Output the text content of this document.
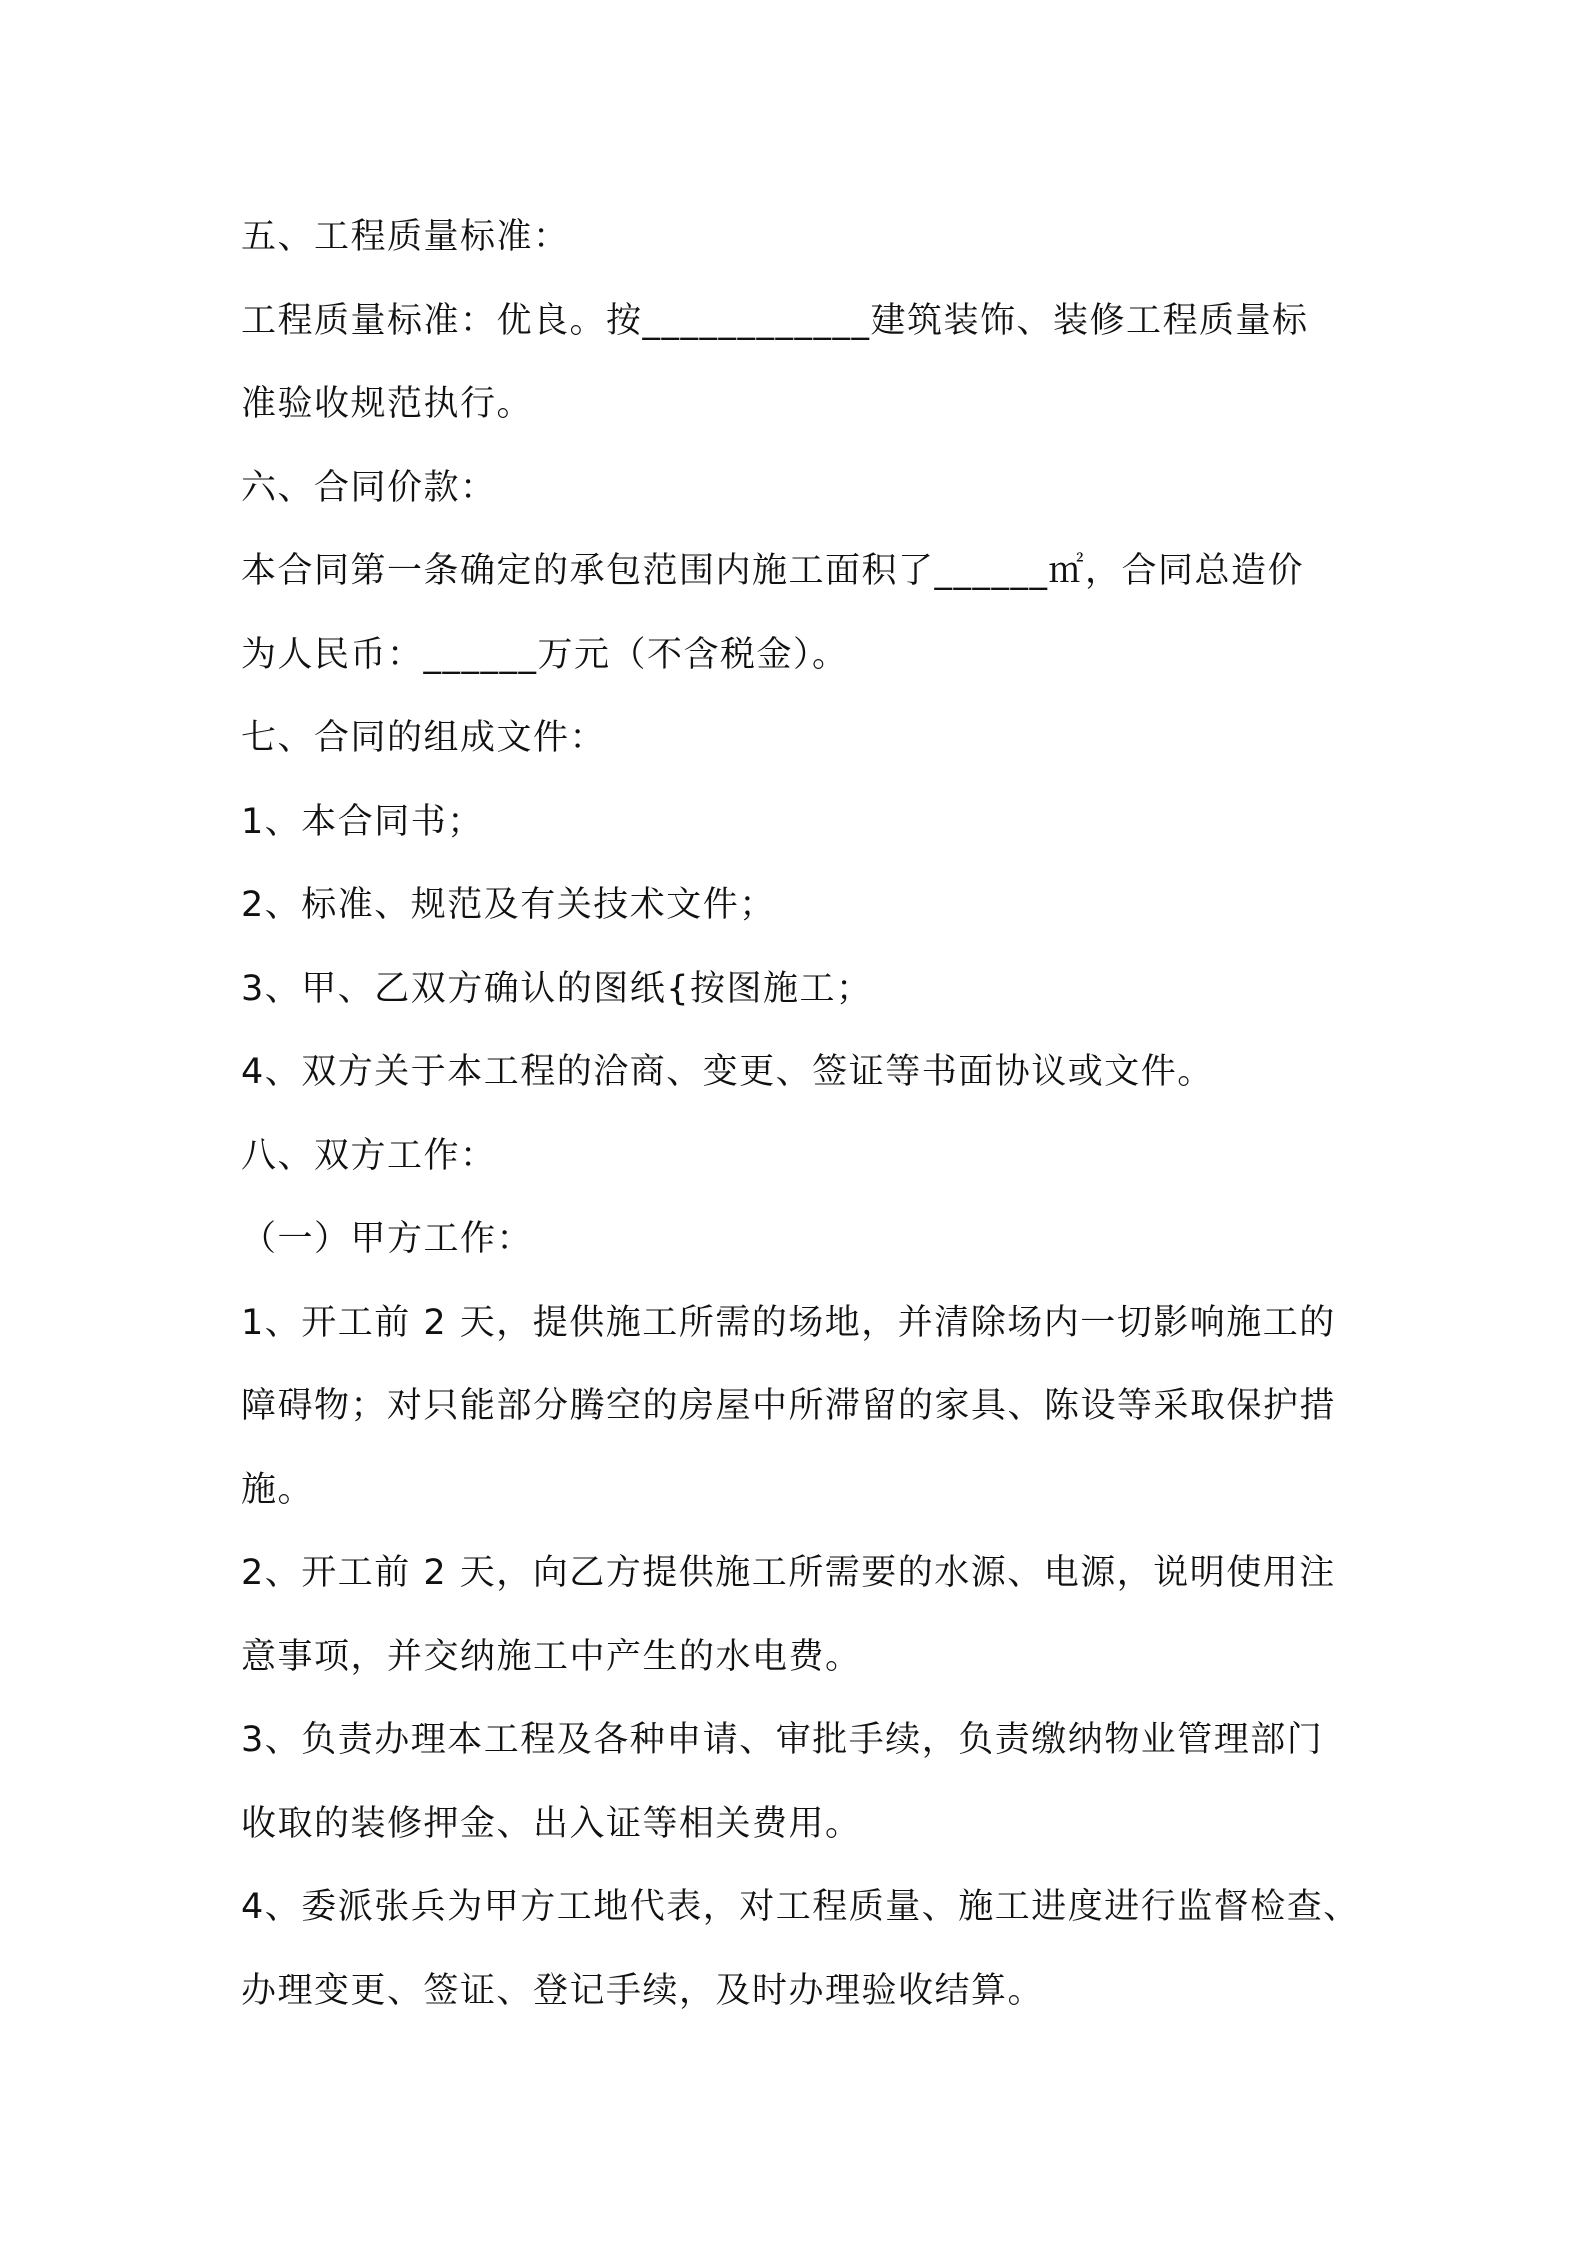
五、工程质量标准：
工程质量标准：优良。按____________建筑装饰、装修工程质量标
准验收规范执行。
六、合同价款：
本合同第一条确定的承包范围内施工面积了______㎡，合同总造价
为人民币：______万元（不含税金）。
七、合同的组成文件：
1、本合同书；
2、标准、规范及有关技术文件；
3、甲、乙双方确认的图纸{按图施工；
4、双方关于本工程的洽商、变更、签证等书面协议或文件。
八、双方工作：
（一）甲方工作：
1、开工前 2 天，提供施工所需的场地，并清除场内一切影响施工的
障碍物；对只能部分腾空的房屋中所滞留的家具、陈设等采取保护措
施。
2、开工前 2 天，向乙方提供施工所需要的水源、电源，说明使用注
意事项，并交纳施工中产生的水电费。
3、负责办理本工程及各种申请、审批手续，负责缴纳物业管理部门
收取的装修押金、出入证等相关费用。
4、委派张兵为甲方工地代表，对工程质量、施工进度进行监督检查、
办理变更、签证、登记手续，及时办理验收结算。
